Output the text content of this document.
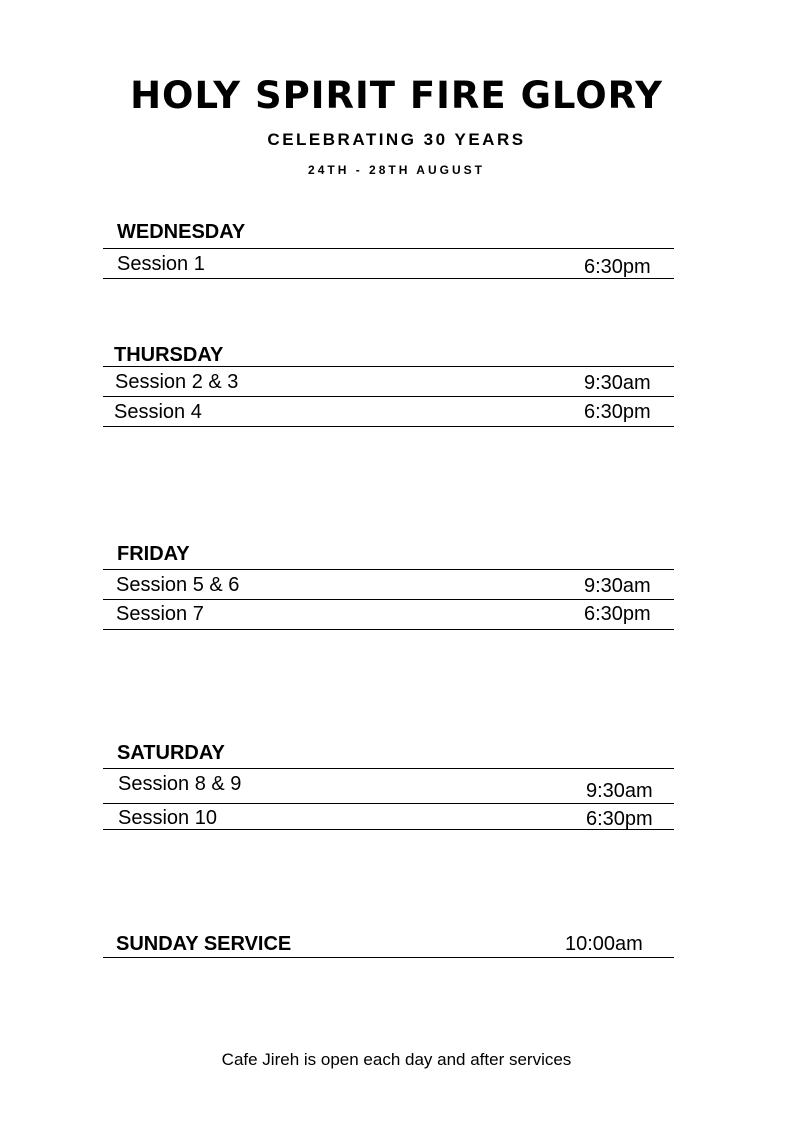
HOLY SPIRIT FIRE GLORY
CELEBRATING 30 YEARS
24TH - 28TH AUGUST
WEDNESDAY
Session 1	6:30pm
THURSDAY
Session 2 & 3	9:30am
Session 4	6:30pm
FRIDAY
Session 5 & 6	9:30am
Session 7	6:30pm
SATURDAY
Session 8 & 9	9:30am
Session 10	6:30pm
SUNDAY SERVICE	10:00am
Cafe Jireh is open each day and after services
